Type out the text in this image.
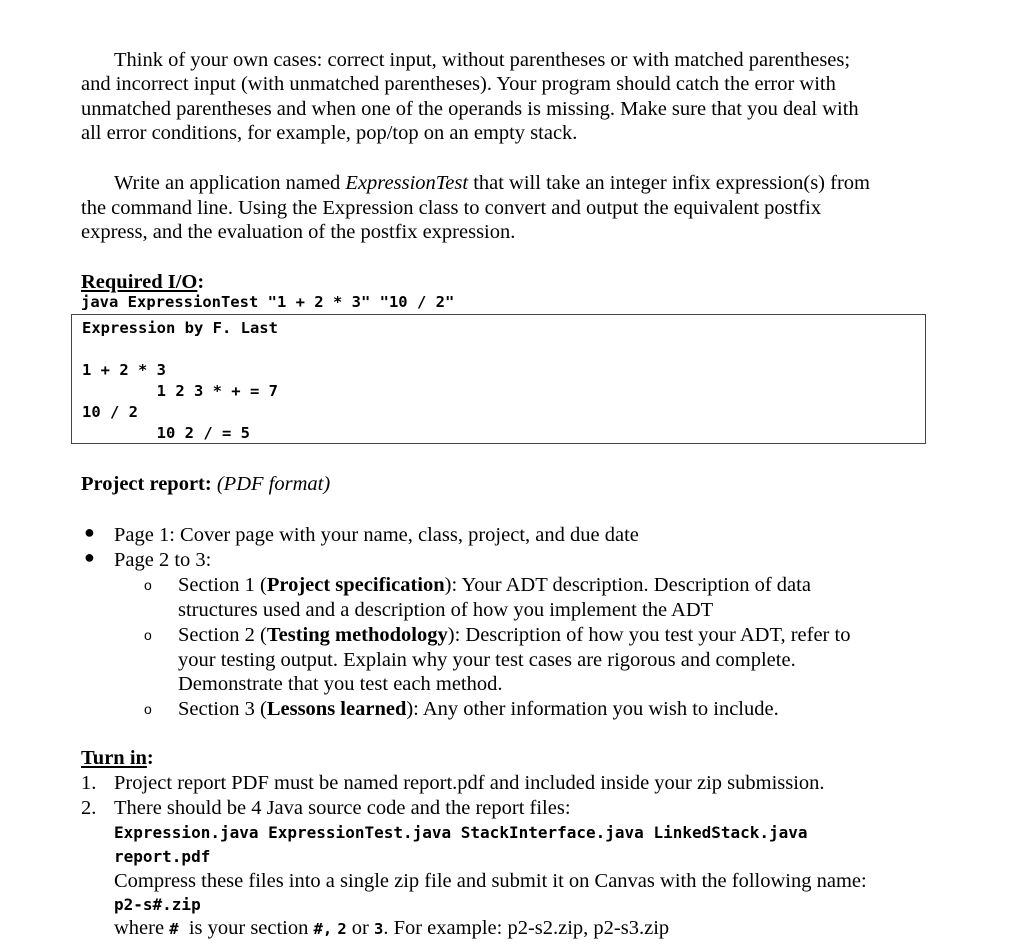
Think of your own cases: correct input, without parentheses or with matched parentheses;
and incorrect input (with unmatched parentheses). Your program should catch the error with
unmatched parentheses and when one of the operands is missing. Make sure that you deal with
all error conditions, for example, pop/top on an empty stack.
Write an application named ExpressionTest that will take an integer infix expression(s) from
the command line. Using the Expression class to convert and output the equivalent postfix
express, and the evaluation of the postfix expression.
Required I/O:
java ExpressionTest "1 + 2 * 3" "10 / 2"
Expression by F. Last
1 + 2 * 3
1 2 3 * + = 7
10 / 2
10 2 / = 5
Project report: (PDF format)
● Page 1: Cover page with your name, class, project, and due date
● Page 2 to 3:
o Section 1 (Project specification): Your ADT description. Description of data
structures used and a description of how you implement the ADT
o Section 2 (Testing methodology): Description of how you test your ADT, refer to
your testing output. Explain why your test cases are rigorous and complete.
Demonstrate that you test each method.
o Section 3 (Lessons learned): Any other information you wish to include.
Turn in:
1. Project report PDF must be named report.pdf and included inside your zip submission.
2. There should be 4 Java source code and the report files:
Expression.java ExpressionTest.java StackInterface.java LinkedStack.java
report.pdf
Compress these files into a single zip file and submit it on Canvas with the following name:
p2-s#.zip
where #  is your section #, 2 or 3. For example: p2-s2.zip, p2-s3.zip
